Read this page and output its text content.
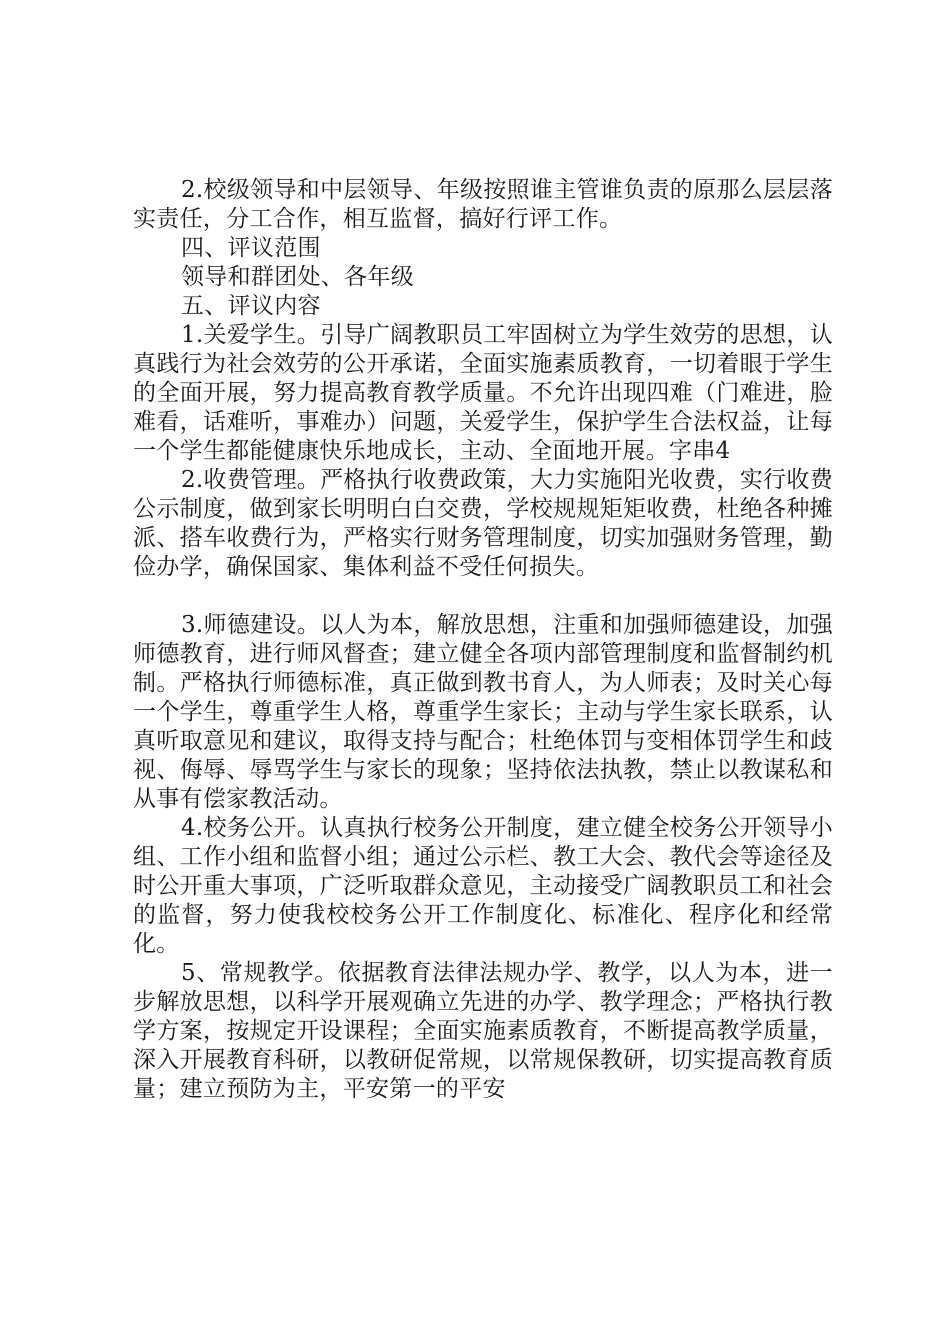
2.校级领导和中层领导、年级按照谁主管谁负责的原那么层层落实责任，分工合作，相互监督，搞好行评工作。

四、评议范围

领导和群团处、各年级

五、评议内容

1.关爱学生。引导广阔教职员工牢固树立为学生效劳的思想，认真践行为社会效劳的公开承诺，全面实施素质教育，一切着眼于学生的全面开展，努力提高教育教学质量。不允许出现四难（门难进，脸难看，话难听，事难办）问题，关爱学生，保护学生合法权益，让每一个学生都能健康快乐地成长，主动、全面地开展。字串4

2.收费管理。严格执行收费政策，大力实施阳光收费，实行收费公示制度，做到家长明明白白交费，学校规规矩矩收费，杜绝各种摊派、搭车收费行为，严格实行财务管理制度，切实加强财务管理，勤俭办学，确保国家、集体利益不受任何损失。

3.师德建设。以人为本，解放思想，注重和加强师德建设，加强师德教育，进行师风督查；建立健全各项内部管理制度和监督制约机制。严格执行师德标准，真正做到教书育人，为人师表；及时关心每一个学生，尊重学生人格，尊重学生家长；主动与学生家长联系，认真听取意见和建议，取得支持与配合；杜绝体罚与变相体罚学生和歧视、侮辱、辱骂学生与家长的现象；坚持依法执教，禁止以教谋私和从事有偿家教活动。

4.校务公开。认真执行校务公开制度，建立健全校务公开领导小组、工作小组和监督小组；通过公示栏、教工大会、教代会等途径及时公开重大事项，广泛听取群众意见，主动接受广阔教职员工和社会的监督，努力使我校校务公开工作制度化、标准化、程序化和经常化。

5、常规教学。依据教育法律法规办学、教学，以人为本，进一步解放思想，以科学开展观确立先进的办学、教学理念；严格执行教学方案，按规定开设课程；全面实施素质教育，不断提高教学质量，深入开展教育科研，以教研促常规，以常规保教研，切实提高教育质量；建立预防为主，平安第一的平安
